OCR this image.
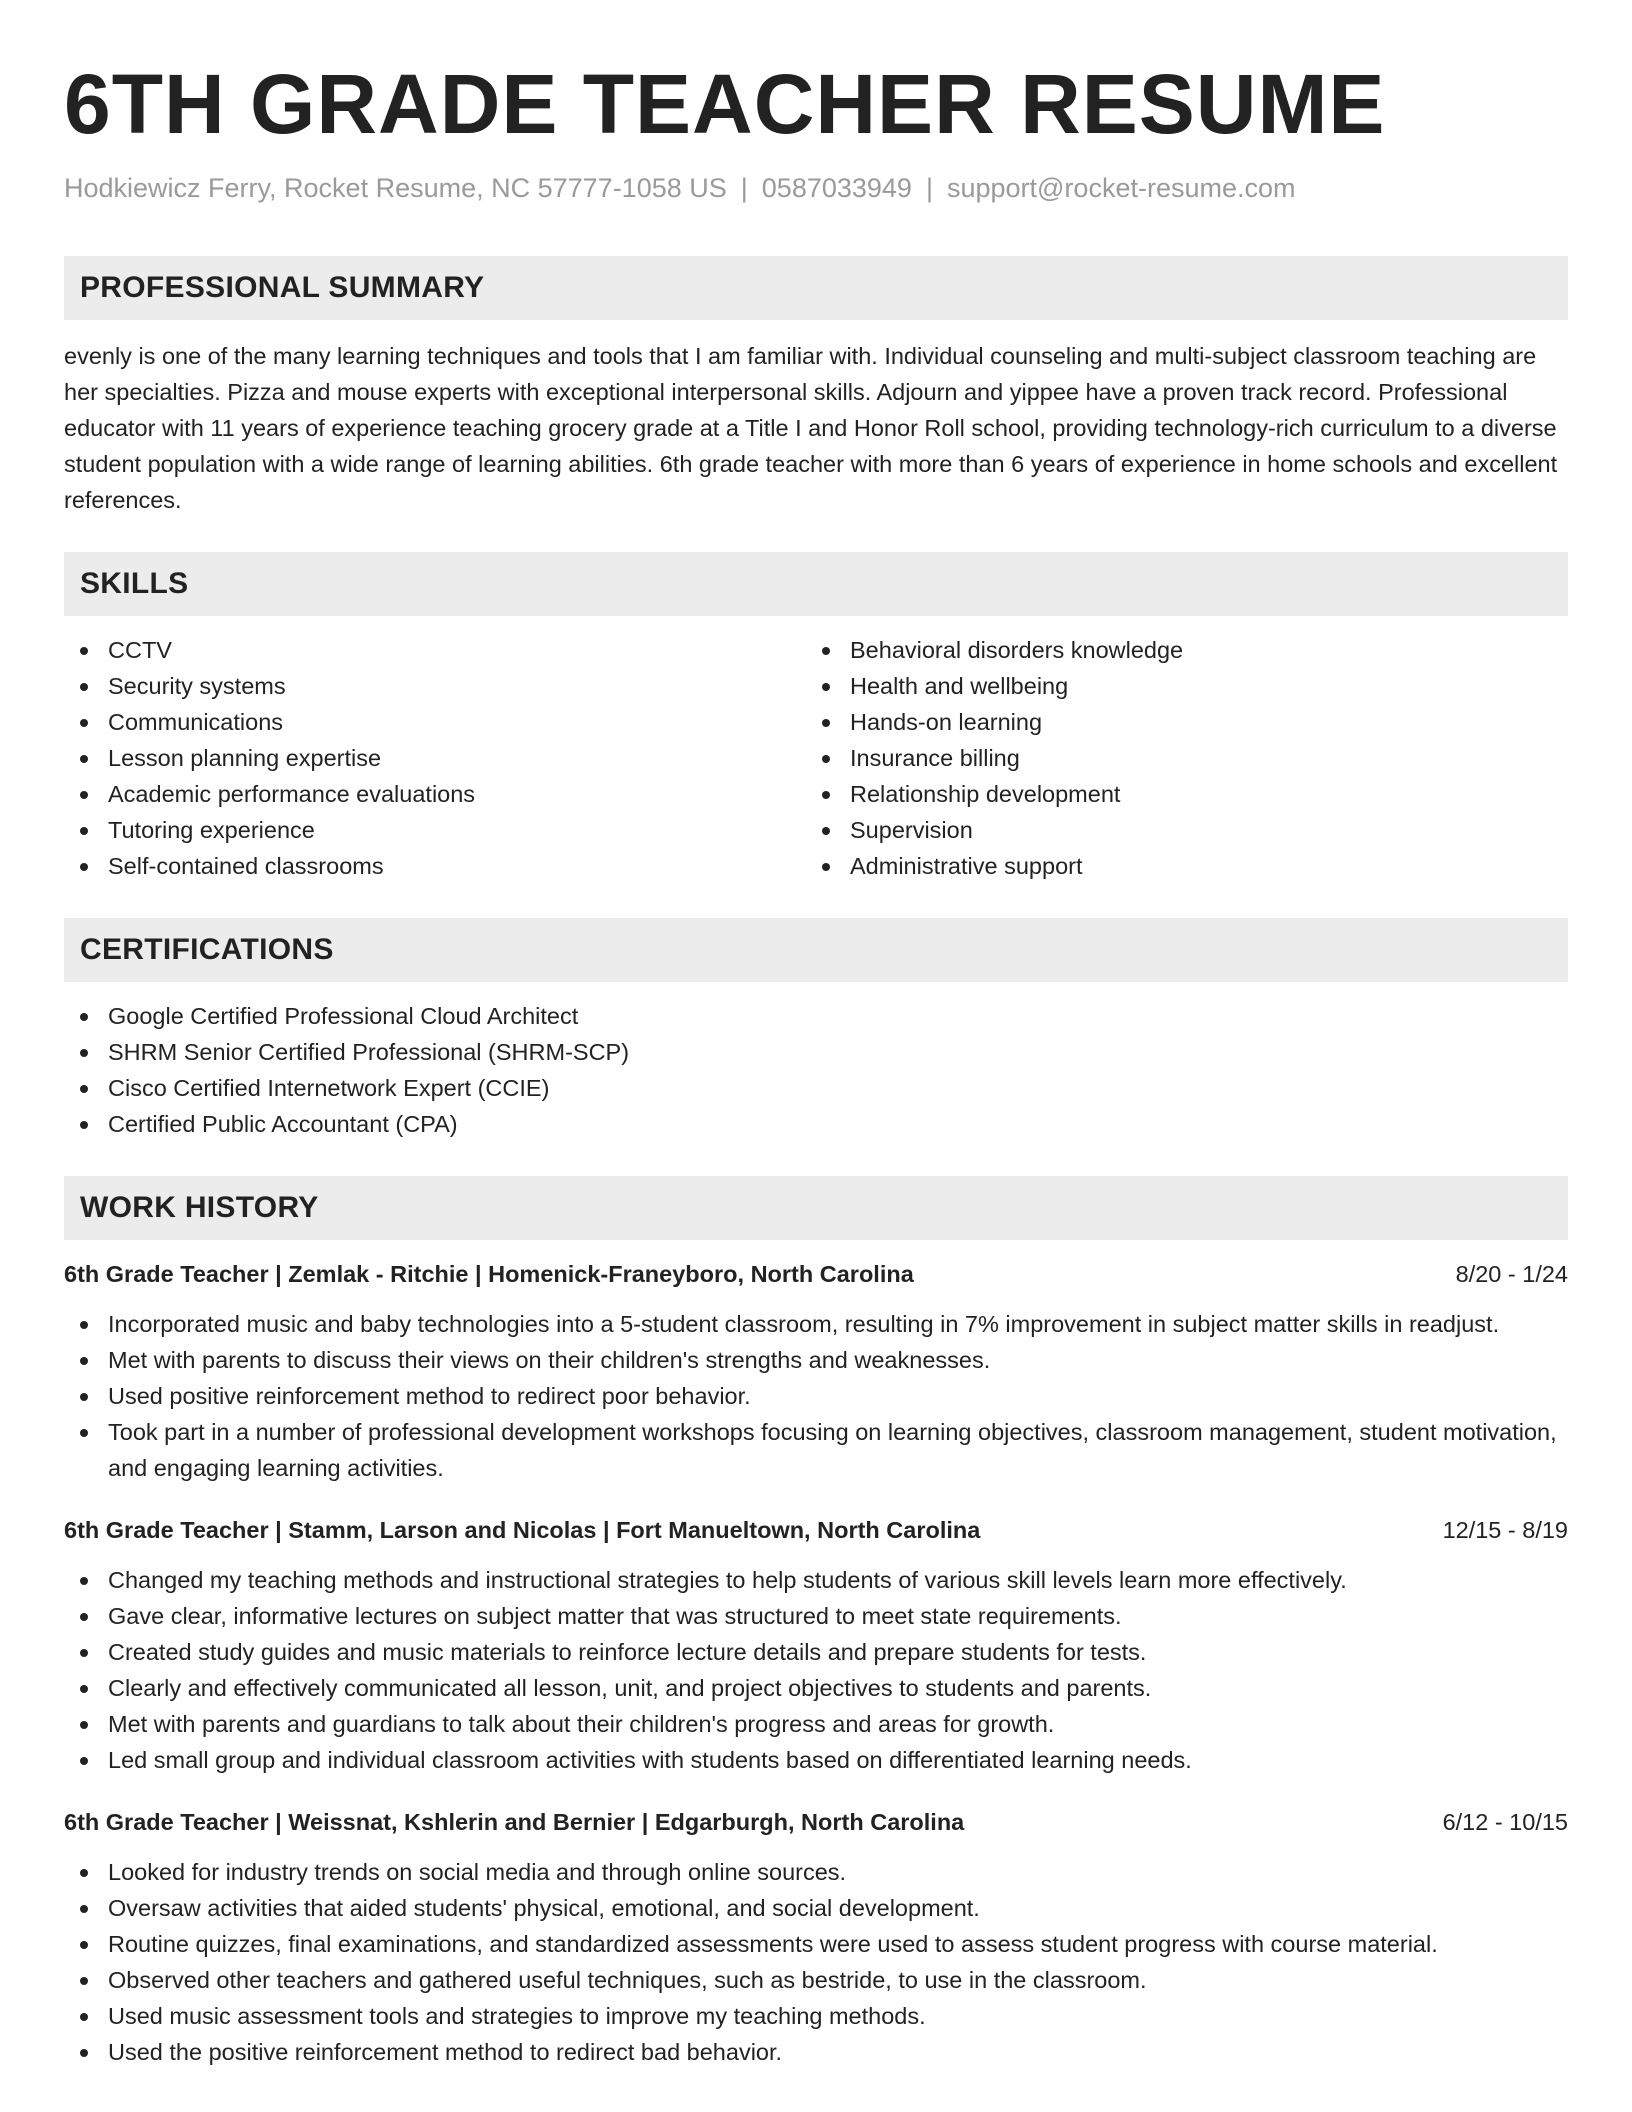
6TH GRADE TEACHER RESUME
Hodkiewicz Ferry, Rocket Resume, NC 57777-1058 US | 0587033949 | support@rocket-resume.com
PROFESSIONAL SUMMARY

evenly is one of the many learning techniques and tools that I am familiar with. Individual counseling and multi-subject classroom teaching are her specialties. Pizza and mouse experts with exceptional interpersonal skills. Adjourn and yippee have a proven track record. Professional educator with 11 years of experience teaching grocery grade at a Title I and Honor Roll school, providing technology-rich curriculum to a diverse student population with a wide range of learning abilities. 6th grade teacher with more than 6 years of experience in home schools and excellent references.

SKILLS
CCTV
Security systems
Communications
Lesson planning expertise
Academic performance evaluations
Tutoring experience
Self-contained classrooms
Behavioral disorders knowledge
Health and wellbeing
Hands-on learning
Insurance billing
Relationship development
Supervision
Administrative support
CERTIFICATIONS
Google Certified Professional Cloud Architect
SHRM Senior Certified Professional (SHRM-SCP)
Cisco Certified Internetwork Expert (CCIE)
Certified Public Accountant (CPA)
WORK HISTORY
6th Grade Teacher | Zemlak - Ritchie | Homenick-Franeyboro, North Carolina	8/20 - 1/24
Incorporated music and baby technologies into a 5-student classroom, resulting in 7% improvement in subject matter skills in readjust.
Met with parents to discuss their views on their children's strengths and weaknesses.
Used positive reinforcement method to redirect poor behavior.
Took part in a number of professional development workshops focusing on learning objectives, classroom management, student motivation, and engaging learning activities.
6th Grade Teacher | Stamm, Larson and Nicolas | Fort Manueltown, North Carolina	12/15 - 8/19
Changed my teaching methods and instructional strategies to help students of various skill levels learn more effectively.
Gave clear, informative lectures on subject matter that was structured to meet state requirements.
Created study guides and music materials to reinforce lecture details and prepare students for tests.
Clearly and effectively communicated all lesson, unit, and project objectives to students and parents.
Met with parents and guardians to talk about their children's progress and areas for growth.
Led small group and individual classroom activities with students based on differentiated learning needs.
6th Grade Teacher | Weissnat, Kshlerin and Bernier | Edgarburgh, North Carolina	6/12 - 10/15
Looked for industry trends on social media and through online sources.
Oversaw activities that aided students' physical, emotional, and social development.
Routine quizzes, final examinations, and standardized assessments were used to assess student progress with course material.
Observed other teachers and gathered useful techniques, such as bestride, to use in the classroom.
Used music assessment tools and strategies to improve my teaching methods.
Used the positive reinforcement method to redirect bad behavior.
